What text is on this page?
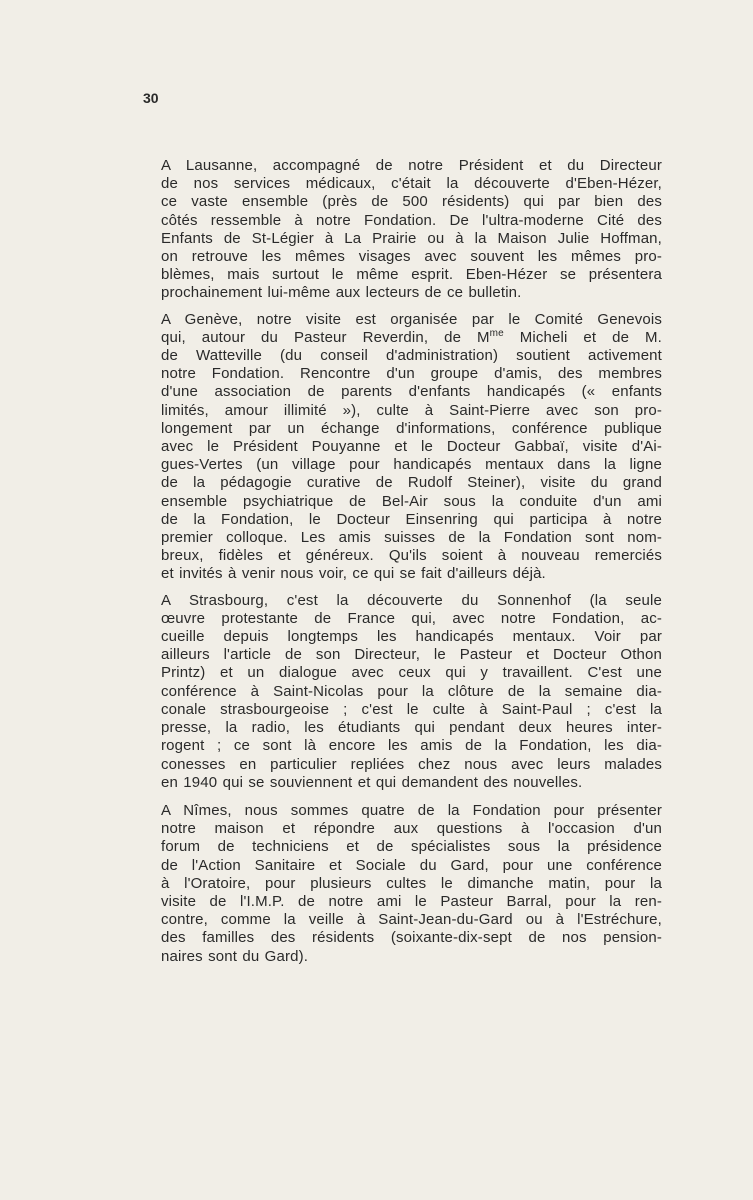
30
A Lausanne, accompagné de notre Président et du Directeur
de nos services médicaux, c'était la découverte d'Eben-Hézer,
ce vaste ensemble (près de 500 résidents) qui par bien des
côtés ressemble à notre Fondation. De l'ultra-moderne Cité des
Enfants de St-Légier à La Prairie ou à la Maison Julie Hoffman,
on retrouve les mêmes visages avec souvent les mêmes pro-
blèmes, mais surtout le même esprit. Eben-Hézer se présentera
prochainement lui-même aux lecteurs de ce bulletin.
A Genève, notre visite est organisée par le Comité Genevois
qui, autour du Pasteur Reverdin, de $M^{me}$ Micheli et de M.
de Watteville (du conseil d'administration) soutient activement
notre Fondation. Rencontre d'un groupe d'amis, des membres
d'une association de parents d'enfants handicapés (« enfants
limités, amour illimité »), culte à Saint-Pierre avec son pro-
longement par un échange d'informations, conférence publique
avec le Président Pouyanne et le Docteur Gabbaï, visite d'Ai-
gues-Vertes (un village pour handicapés mentaux dans la ligne
de la pédagogie curative de Rudolf Steiner), visite du grand
ensemble psychiatrique de Bel-Air sous la conduite d'un ami
de la Fondation, le Docteur Einsenring qui participa à notre
premier colloque. Les amis suisses de la Fondation sont nom-
breux, fidèles et généreux. Qu'ils soient à nouveau remerciés
et invités à venir nous voir, ce qui se fait d'ailleurs déjà.
A Strasbourg, c'est la découverte du Sonnenhof (la seule
œuvre protestante de France qui, avec notre Fondation, ac-
cueille depuis longtemps les handicapés mentaux. Voir par
ailleurs l'article de son Directeur, le Pasteur et Docteur Othon
Printz) et un dialogue avec ceux qui y travaillent. C'est une
conférence à Saint-Nicolas pour la clôture de la semaine dia-
conale strasbourgeoise ; c'est le culte à Saint-Paul ; c'est la
presse, la radio, les étudiants qui pendant deux heures inter-
rogent ; ce sont là encore les amis de la Fondation, les dia-
conesses en particulier repliées chez nous avec leurs malades
en 1940 qui se souviennent et qui demandent des nouvelles.
A Nîmes, nous sommes quatre de la Fondation pour présenter
notre maison et répondre aux questions à l'occasion d'un
forum de techniciens et de spécialistes sous la présidence
de l'Action Sanitaire et Sociale du Gard, pour une conférence
à l'Oratoire, pour plusieurs cultes le dimanche matin, pour la
visite de l'I.M.P. de notre ami le Pasteur Barral, pour la ren-
contre, comme la veille à Saint-Jean-du-Gard ou à l'Estréchure,
des familles des résidents (soixante-dix-sept de nos pension-
naires sont du Gard).
